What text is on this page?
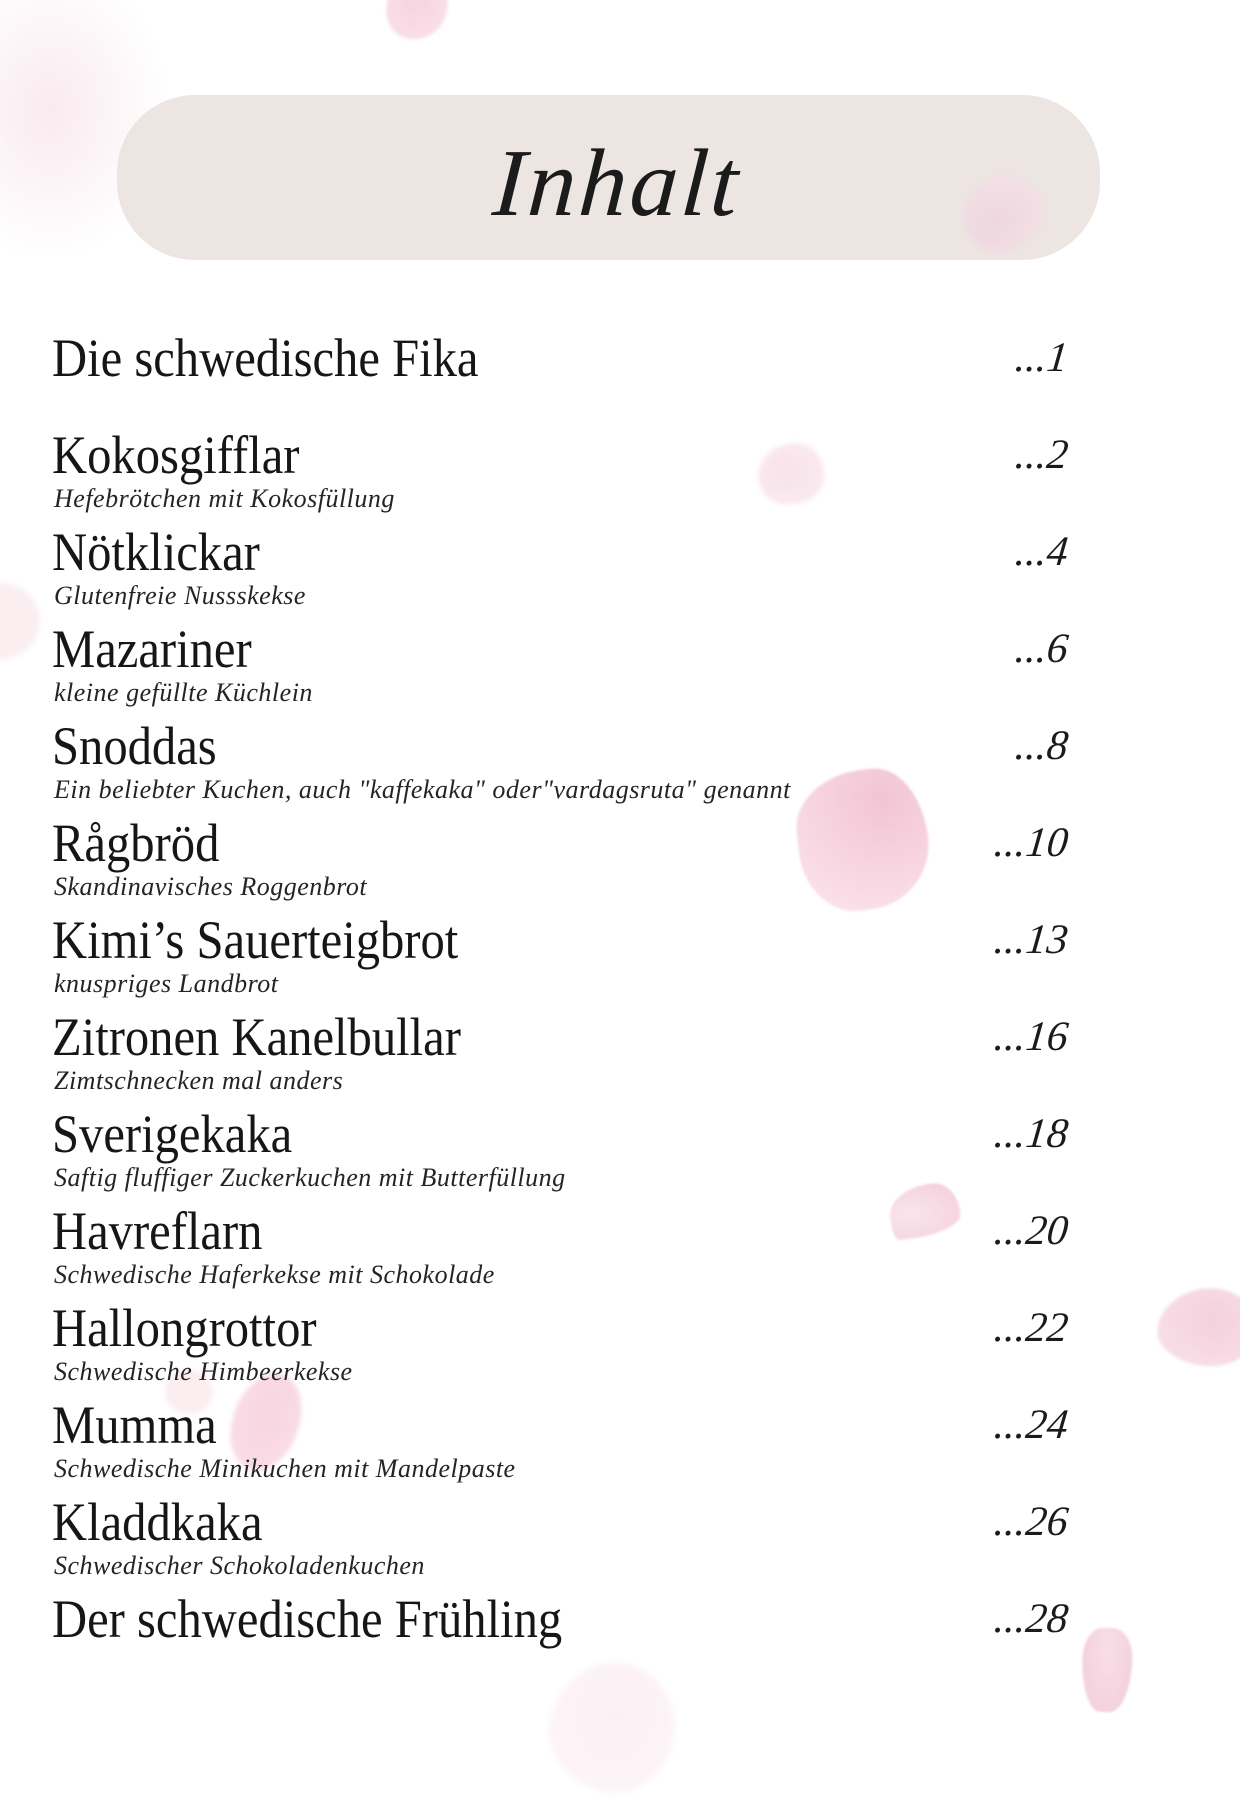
Inhalt
Die schwedische Fika	...1
Kokosgifflar

Hefebrötchen mit Kokosfüllung

...2
Nötklickar

Glutenfreie Nussskekse

...4
Mazariner

kleine gefüllte Küchlein

...6
Snoddas

Ein beliebter Kuchen, auch "kaffekaka" oder"vardagsruta" genannt

...8
Rågbröd

Skandinavisches Roggenbrot

...10
Kimi’s Sauerteigbrot

knuspriges Landbrot

...13
Zitronen Kanelbullar

Zimtschnecken mal anders

...16
Sverigekaka

Saftig fluffiger Zuckerkuchen mit Butterfüllung

...18
Havreflarn

Schwedische Haferkekse mit Schokolade

...20
Hallongrottor

Schwedische Himbeerkekse

...22
Mumma

Schwedische Minikuchen mit Mandelpaste

...24
Kladdkaka

Schwedischer Schokoladenkuchen

...26
Der schwedische Frühling	...28
